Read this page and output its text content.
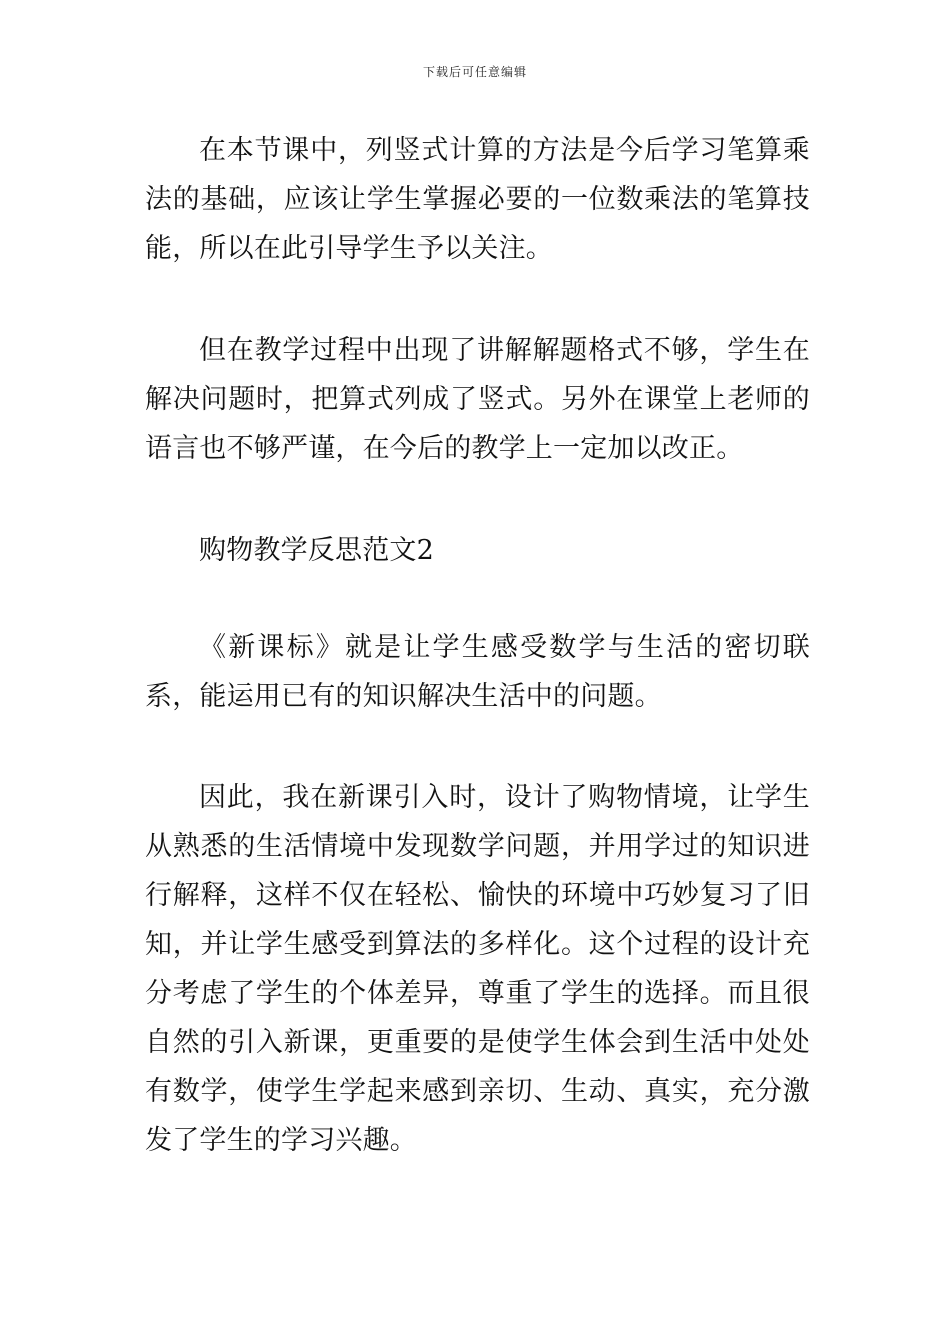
下载后可任意编辑

在本节课中，列竖式计算的方法是今后学习笔算乘法的基础，应该让学生掌握必要的一位数乘法的笔算技能，所以在此引导学生予以关注。

但在教学过程中出现了讲解解题格式不够，学生在解决问题时，把算式列成了竖式。另外在课堂上老师的语言也不够严谨，在今后的教学上一定加以改正。

购物教学反思范文2

《新课标》就是让学生感受数学与生活的密切联系，能运用已有的知识解决生活中的问题。

因此，我在新课引入时，设计了购物情境，让学生从熟悉的生活情境中发现数学问题，并用学过的知识进行解释，这样不仅在轻松、愉快的环境中巧妙复习了旧知，并让学生感受到算法的多样化。这个过程的设计充分考虑了学生的个体差异，尊重了学生的选择。而且很自然的引入新课，更重要的是使学生体会到生活中处处有数学，使学生学起来感到亲切、生动、真实，充分激发了学生的学习兴趣。
